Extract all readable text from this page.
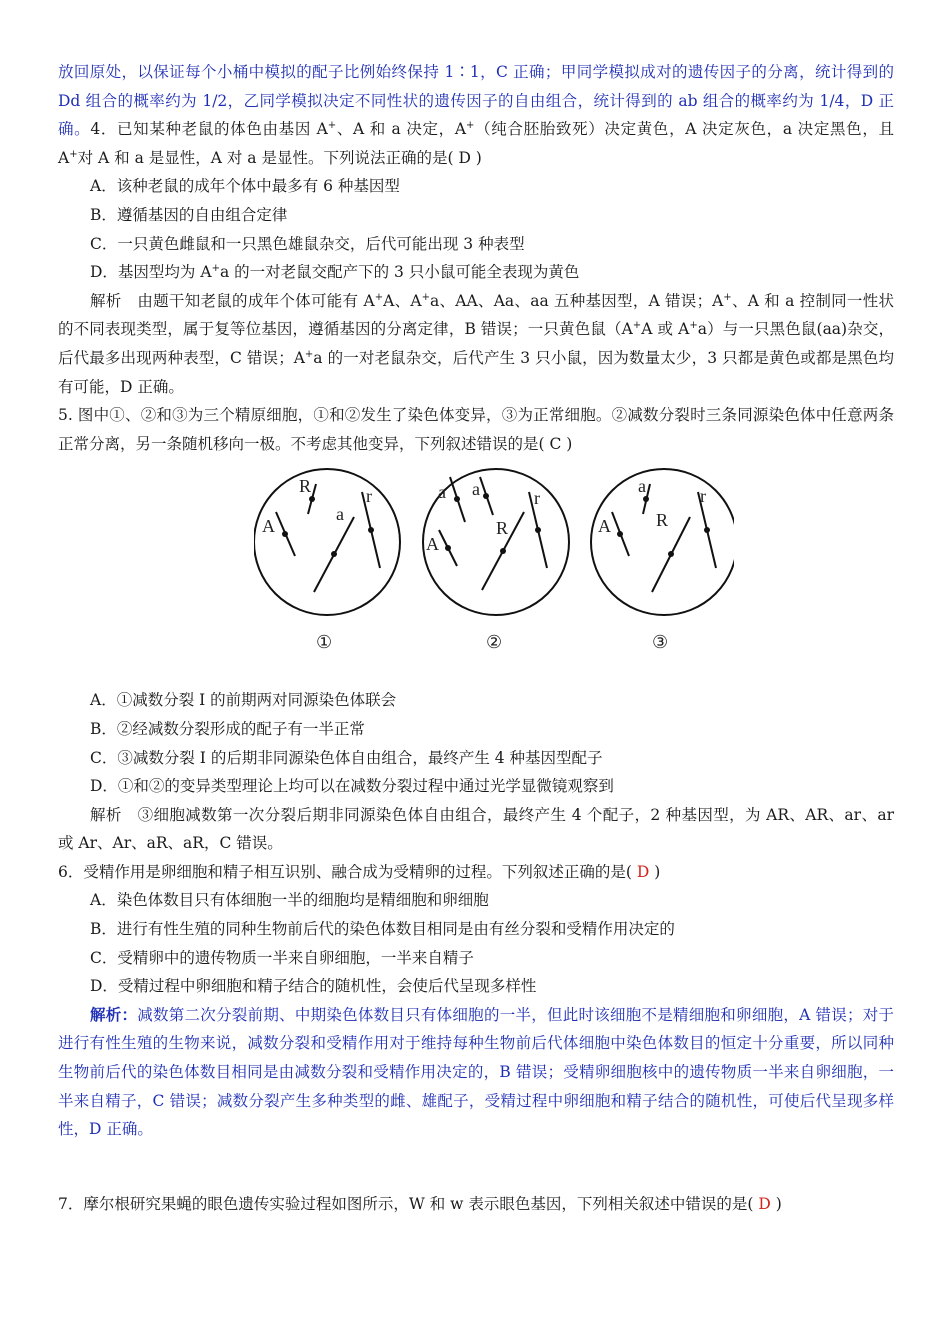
放回原处，以保证每个小桶中模拟的配子比例始终保持 1∶1，C 正确；甲同学模拟成对的遗传因子的分离，统计得到的 Dd 组合的概率约为 1/2，乙同学模拟决定不同性状的遗传因子的自由组合，统计得到的 ab 组合的概率约为 1/4，D 正确。4．已知某种老鼠的体色由基因 A+、A 和 a 决定，A+（纯合胚胎致死）决定黄色，A 决定灰色，a 决定黑色，且 A+对 A 和 a 是显性，A 对 a 是显性。下列说法正确的是( D )

A．该种老鼠的成年个体中最多有 6 种基因型

B．遵循基因的自由组合定律

C．一只黄色雌鼠和一只黑色雄鼠杂交，后代可能出现 3 种表型

D．基因型均为 A+a 的一对老鼠交配产下的 3 只小鼠可能全表现为黄色

解析　由题干知老鼠的成年个体可能有 A+A、A+a、AA、Aa、aa 五种基因型，A 错误；A+、A 和 a 控制同一性状的不同表现类型，属于复等位基因，遵循基因的分离定律，B 错误；一只黄色鼠（A+A 或 A+a）与一只黑色鼠(aa)杂交，后代最多出现两种表型，C 错误；A+a 的一对老鼠杂交，后代产生 3 只小鼠，因为数量太少，3 只都是黄色或都是黑色均有可能，D 正确。

5. 图中①、②和③为三个精原细胞，①和②发生了染色体变异，③为正常细胞。②减数分裂时三条同源染色体中任意两条正常分离，另一条随机移向一极。不考虑其他变异，下列叙述错误的是( C )

A
R
a
r	a a
A
R
r
A
a
R
r
①	②	③

A．①减数分裂 I 的前期两对同源染色体联会

B．②经减数分裂形成的配子有一半正常

C．③减数分裂 I 的后期非同源染色体自由组合，最终产生 4 种基因型配子

D．①和②的变异类型理论上均可以在减数分裂过程中通过光学显微镜观察到

解析　③细胞减数第一次分裂后期非同源染色体自由组合，最终产生 4 个配子，2 种基因型，为 AR、AR、ar、ar 或 Ar、Ar、aR、aR，C 错误。

6．受精作用是卵细胞和精子相互识别、融合成为受精卵的过程。下列叙述正确的是( D )

A．染色体数目只有体细胞一半的细胞均是精细胞和卵细胞

B．进行有性生殖的同种生物前后代的染色体数目相同是由有丝分裂和受精作用决定的

C．受精卵中的遗传物质一半来自卵细胞，一半来自精子

D．受精过程中卵细胞和精子结合的随机性，会使后代呈现多样性

解析：减数第二次分裂前期、中期染色体数目只有体细胞的一半，但此时该细胞不是精细胞和卵细胞，A 错误；对于进行有性生殖的生物来说，减数分裂和受精作用对于维持每种生物前后代体细胞中染色体数目的恒定十分重要，所以同种生物前后代的染色体数目相同是由减数分裂和受精作用决定的，B 错误；受精卵细胞核中的遗传物质一半来自卵细胞，一半来自精子，C 错误；减数分裂产生多种类型的雌、雄配子，受精过程中卵细胞和精子结合的随机性，可使后代呈现多样性，D 正确。

7．摩尔根研究果蝇的眼色遗传实验过程如图所示，W 和 w 表示眼色基因，下列相关叙述中错误的是( D )
